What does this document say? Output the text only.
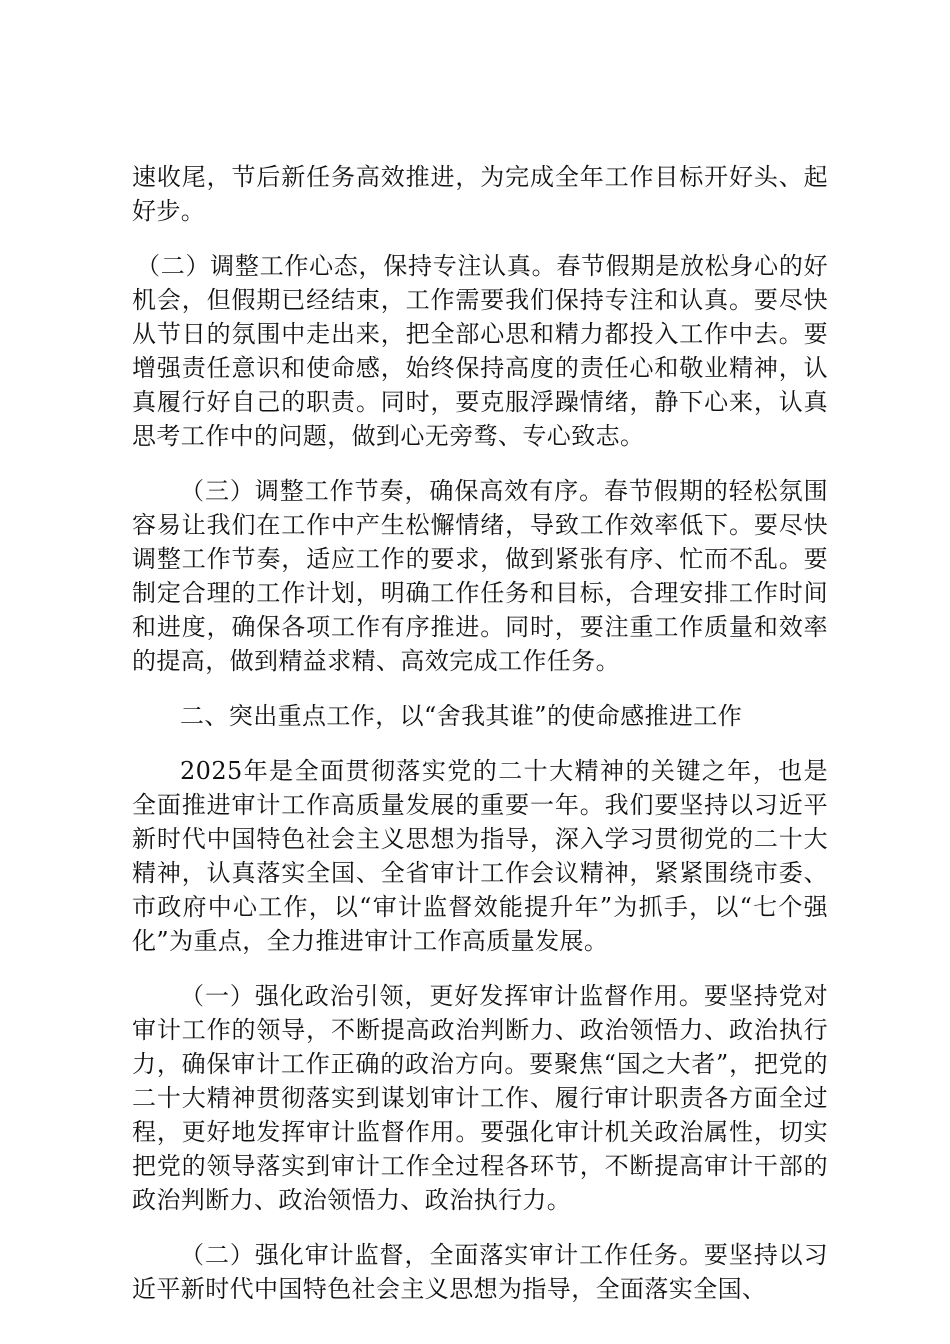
速收尾，节后新任务高效推进，为完成全年工作目标开好头、起好步。

（二）调整工作心态，保持专注认真。春节假期是放松身心的好机会，但假期已经结束，工作需要我们保持专注和认真。要尽快从节日的氛围中走出来，把全部心思和精力都投入工作中去。要增强责任意识和使命感，始终保持高度的责任心和敬业精神，认真履行好自己的职责。同时，要克服浮躁情绪，静下心来，认真思考工作中的问题，做到心无旁骛、专心致志。

（三）调整工作节奏，确保高效有序。春节假期的轻松氛围容易让我们在工作中产生松懈情绪，导致工作效率低下。要尽快调整工作节奏，适应工作的要求，做到紧张有序、忙而不乱。要制定合理的工作计划，明确工作任务和目标，合理安排工作时间和进度，确保各项工作有序推进。同时，要注重工作质量和效率的提高，做到精益求精、高效完成工作任务。

二、突出重点工作，以“舍我其谁”的使命感推进工作

2025年是全面贯彻落实党的二十大精神的关键之年，也是全面推进审计工作高质量发展的重要一年。我们要坚持以习近平新时代中国特色社会主义思想为指导，深入学习贯彻党的二十大精神，认真落实全国、全省审计工作会议精神，紧紧围绕市委、市政府中心工作，以“审计监督效能提升年”为抓手，以“七个强化”为重点，全力推进审计工作高质量发展。

（一）强化政治引领，更好发挥审计监督作用。要坚持党对审计工作的领导，不断提高政治判断力、政治领悟力、政治执行力，确保审计工作正确的政治方向。要聚焦“国之大者”，把党的二十大精神贯彻落实到谋划审计工作、履行审计职责各方面全过程，更好地发挥审计监督作用。要强化审计机关政治属性，切实把党的领导落实到审计工作全过程各环节，不断提高审计干部的政治判断力、政治领悟力、政治执行力。

（二）强化审计监督，全面落实审计工作任务。要坚持以习近平新时代中国特色社会主义思想为指导，全面落实全国、
